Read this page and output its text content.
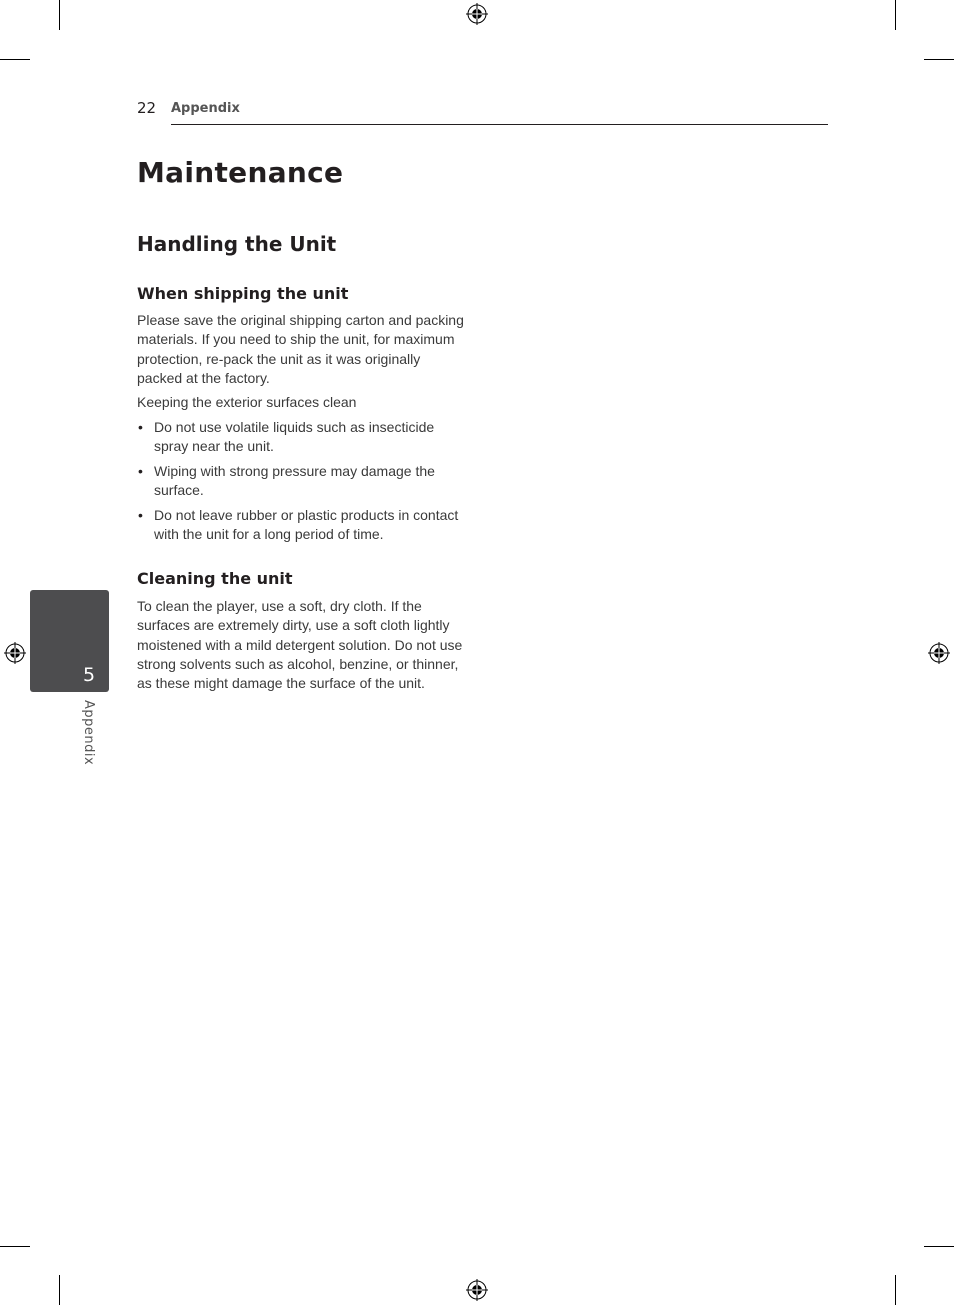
22 Appendix
Maintenance
Handling the Unit
When shipping the unit

Please save the original shipping carton and packing materials. If you need to ship the unit, for maximum protection, re-pack the unit as it was originally packed at the factory.

Keeping the exterior surfaces clean

• Do not use volatile liquids such as insecticide spray near the unit.
• Wiping with strong pressure may damage the surface.
• Do not leave rubber or plastic products in contact with the unit for a long period of time.
Cleaning the unit

To clean the player, use a soft, dry cloth. If the surfaces are extremely dirty, use a soft cloth lightly moistened with a mild detergent solution. Do not use strong solvents such as alcohol, benzine, or thinner, as these might damage the surface of the unit.

5
Appendix
